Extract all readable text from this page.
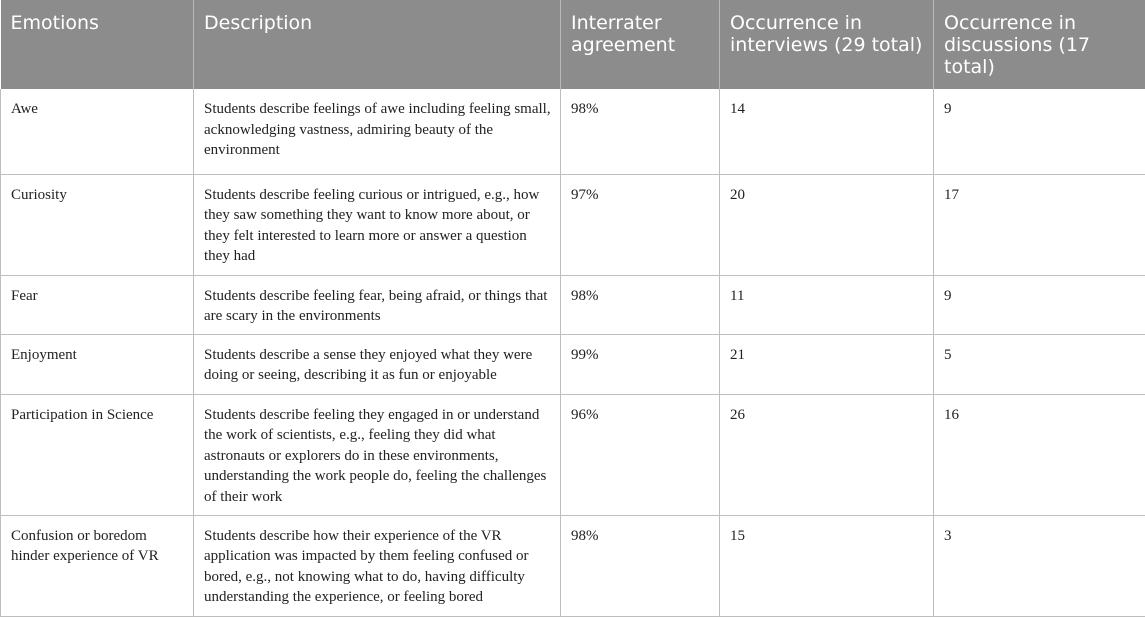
Emotions	Description	Interrater agreement	Occurrence in interviews (29 total)	Occurrence in discussions (17 total)
Awe	Students describe feelings of awe including feeling small, acknowledging vastness, admiring beauty of the environment	98%	14	9
Curiosity	Students describe feeling curious or intrigued, e.g., how they saw something they want to know more about, or they felt interested to learn more or answer a question they had	97%	20	17
Fear	Students describe feeling fear, being afraid, or things that are scary in the environments	98%	11	9
Enjoyment	Students describe a sense they enjoyed what they were doing or seeing, describing it as fun or enjoyable	99%	21	5
Participation in Science	Students describe feeling they engaged in or understand the work of scientists, e.g., feeling they did what astronauts or explorers do in these environments, understanding the work people do, feeling the challenges of their work	96%	26	16
Confusion or boredom hinder experience of VR	Students describe how their experience of the VR application was impacted by them feeling confused or bored, e.g., not knowing what to do, having difficulty understanding the experience, or feeling bored	98%	15	3
